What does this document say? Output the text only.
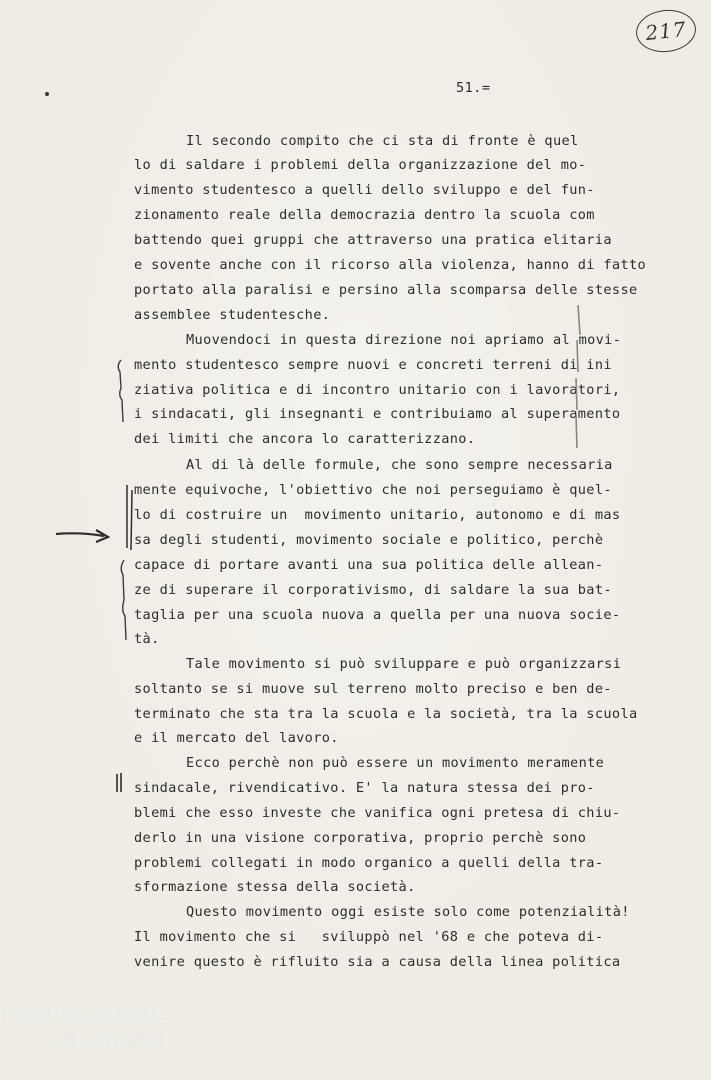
217
51.=
Il secondo compito che ci sta di fronte è quel
lo di saldare i problemi della organizzazione del mo-
vimento studentesco a quelli dello sviluppo e del fun-
zionamento reale della democrazia dentro la scuola com
battendo quei gruppi che attraverso una pratica elitaria
e sovente anche con il ricorso alla violenza, hanno di fatto
portato alla paralisi e persino alla scomparsa delle stesse
assemblee studentesche.
Muovendoci in questa direzione noi apriamo al movi-
mento studentesco sempre nuovi e concreti terreni di ini
ziativa politica e di incontro unitario con i lavoratori,
i sindacati, gli insegnanti e contribuiamo al superamento
dei limiti che ancora lo caratterizzano.
Al di là delle formule, che sono sempre necessaria
mente equivoche, l'obiettivo che noi perseguiamo è quel-
lo di costruire un  movimento unitario, autonomo e di mas
sa degli studenti, movimento sociale e politico, perchè
capace di portare avanti una sua politica delle allean-
ze di superare il corporativismo, di saldare la sua bat-
taglia per una scuola nuova a quella per una nuova socie-
tà.
Tale movimento si può sviluppare e può organizzarsi
soltanto se si muove sul terreno molto preciso e ben de-
terminato che sta tra la scuola e la società, tra la scuola
e il mercato del lavoro.
Ecco perchè non può essere un movimento meramente
sindacale, rivendicativo. E' la natura stessa dei pro-
blemi che esso investe che vanifica ogni pretesa di chiu-
derlo in una visione corporativa, proprio perchè sono
problemi collegati in modo organico a quelli della tra-
sformazione stessa della società.
Questo movimento oggi esiste solo come potenzialità!
Il movimento che si   sviluppò nel '68 e che poteva di-
venire questo è rifluito sia a causa della linea politica
FONDAZIONE
GRAMSCI
